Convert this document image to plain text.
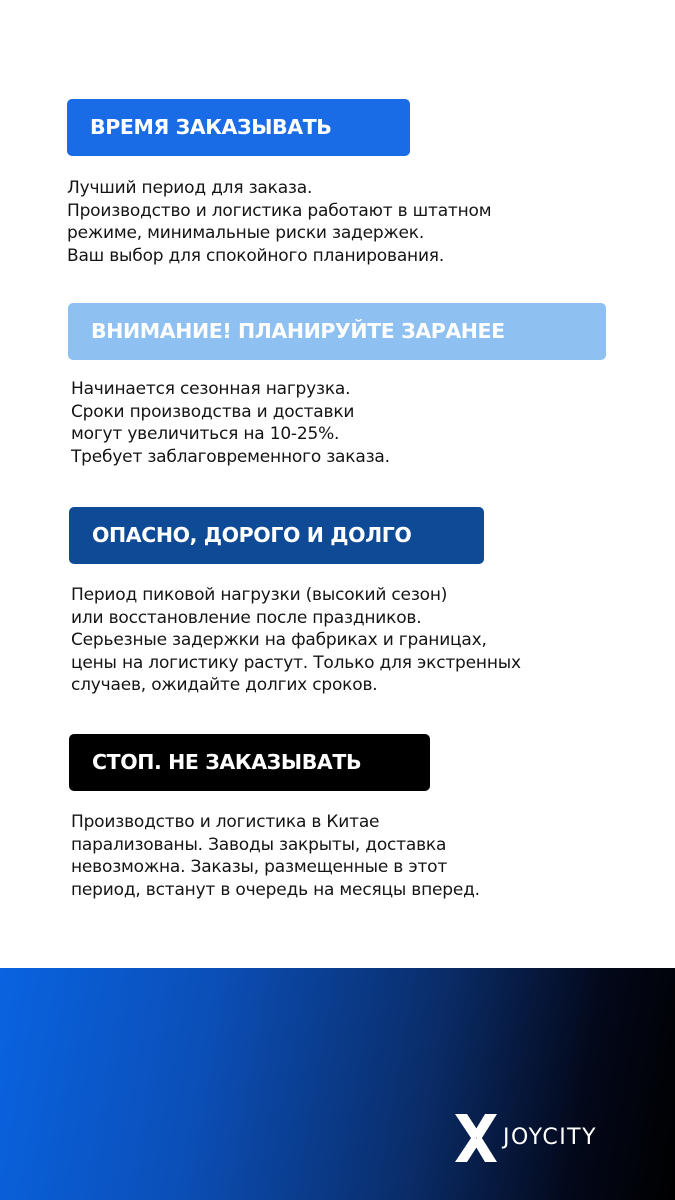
ВРЕМЯ ЗАКАЗЫВАТЬ
Лучший период для заказа.
Производство и логистика работают в штатном
режиме, минимальные риски задержек.
Ваш выбор для спокойного планирования.
ВНИМАНИЕ! ПЛАНИРУЙТЕ ЗАРАНЕЕ
Начинается сезонная нагрузка.
Сроки производства и доставки
могут увеличиться на 10-25%.
Требует заблаговременного заказа.
ОПАСНО, ДОРОГО И ДОЛГО
Период пиковой нагрузки (высокий сезон)
или восстановление после праздников.
Серьезные задержки на фабриках и границах,
цены на логистику растут. Только для экстренных
случаев, ожидайте долгих сроков.
СТОП. НЕ ЗАКАЗЫВАТЬ
Производство и логистика в Китае
парализованы. Заводы закрыты, доставка
невозможна. Заказы, размещенные в этот
период, встанут в очередь на месяцы вперед.
JOYCITY
